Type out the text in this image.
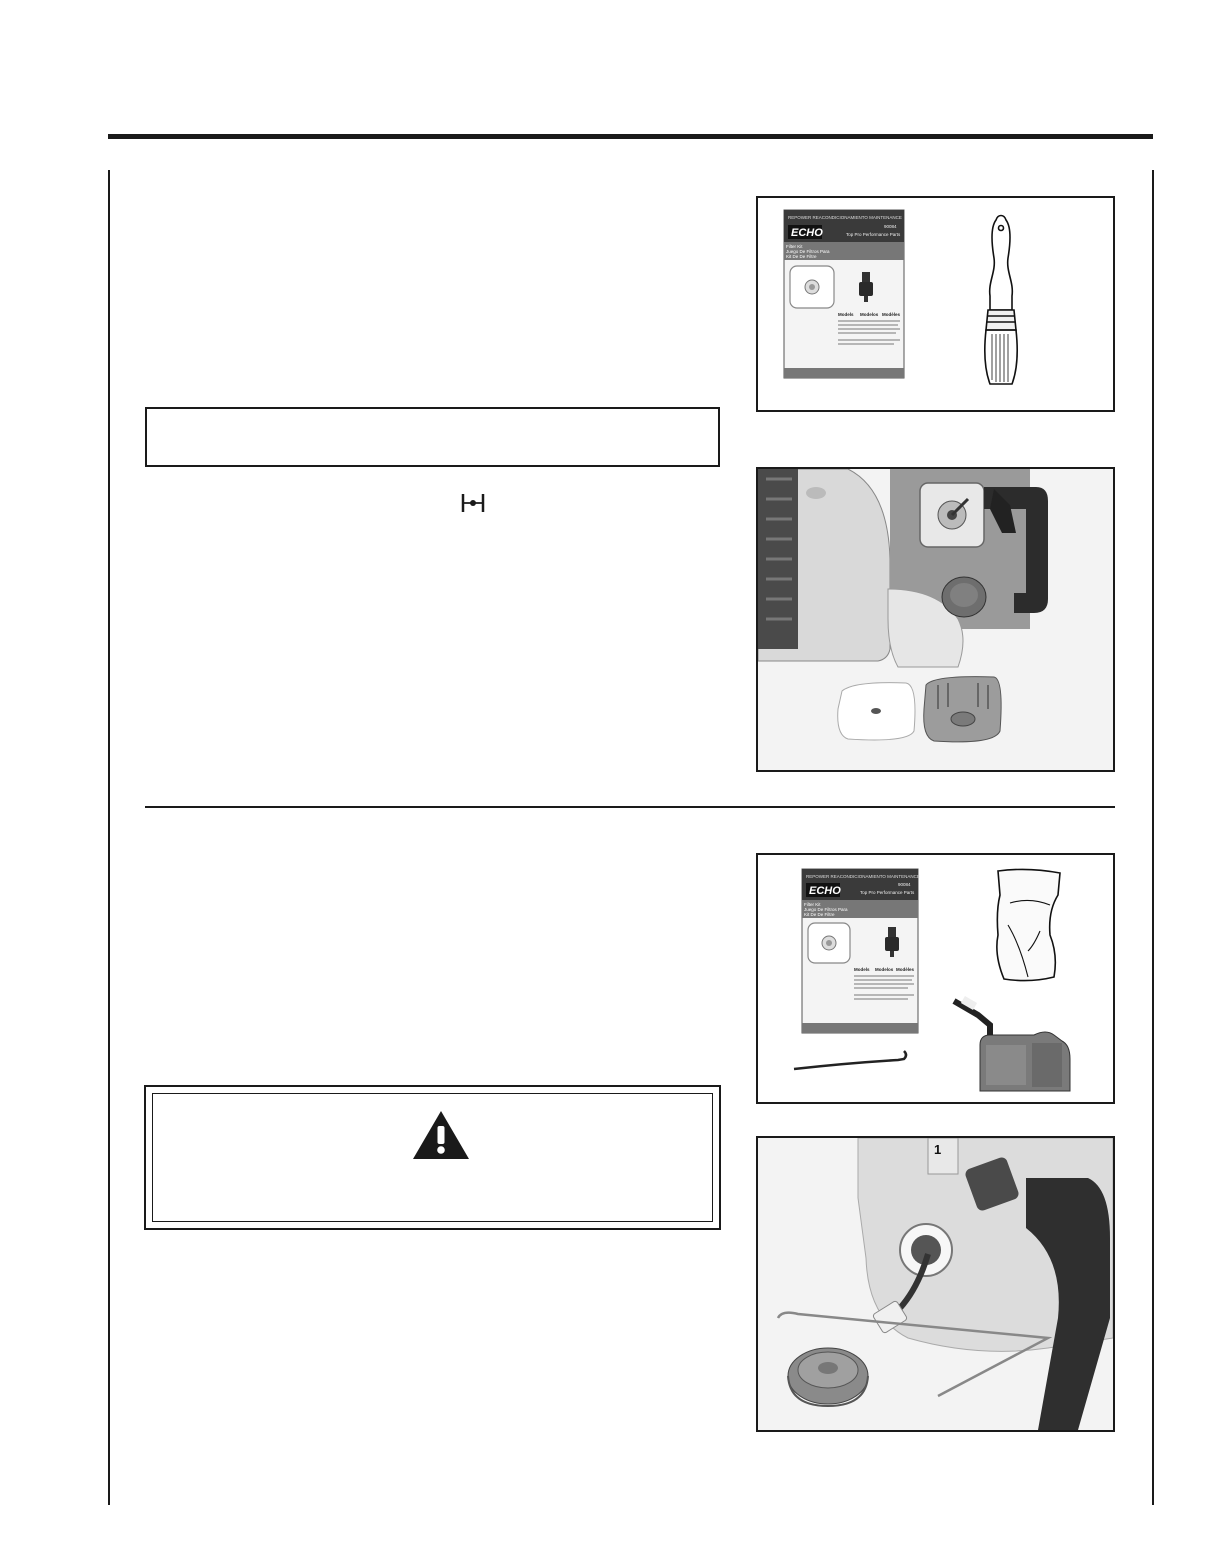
REPOWER REACONDICIONAMIENTO MAINTENANCE
ECHO
90084
Top Pro Performance Parts
Filter Kit
Juego De Filtros Para
Kit De De Filtre
Models Modelos Modèles
REPOWER REACONDICIONAMIENTO MAINTENANCE
ECHO
90084
Top Pro Performance Parts
Filter Kit
Juego De Filtros Para
Kit De De Filtre
Models Modelos Modèles
1
